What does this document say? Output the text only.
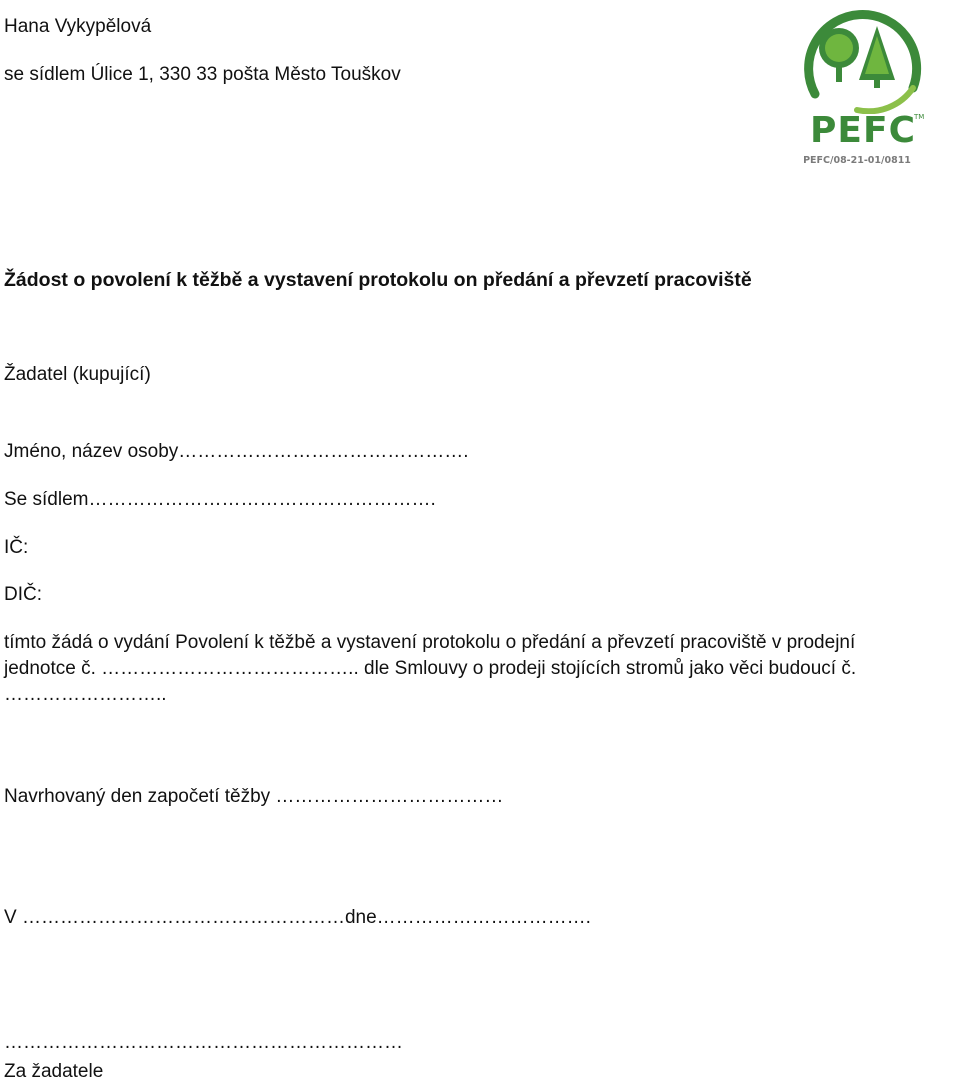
Hana Vykypělová
se sídlem Úlice 1, 330 33 pošta Město Touškov
PEFC
TM
PEFC/08-21-01/0811
Žádost o povolení k těžbě a vystavení protokolu on předání a převzetí pracoviště
Žadatel (kupující)
Jméno, název osoby……………………………………….
Se sídlem……………………………………………….
IČ:
DIČ:
tímto žádá o vydání Povolení k těžbě a vystavení protokolu o předání a převzetí pracoviště v prodejní
jednotce č. ………………………………….. dle Smlouvy o prodeji stojících stromů jako věci budoucí č.
……………………..
Navrhovaný den započetí těžby ………………………………
V ……………………………………………dne…………………………….
………………………………………………………
Za žadatele
